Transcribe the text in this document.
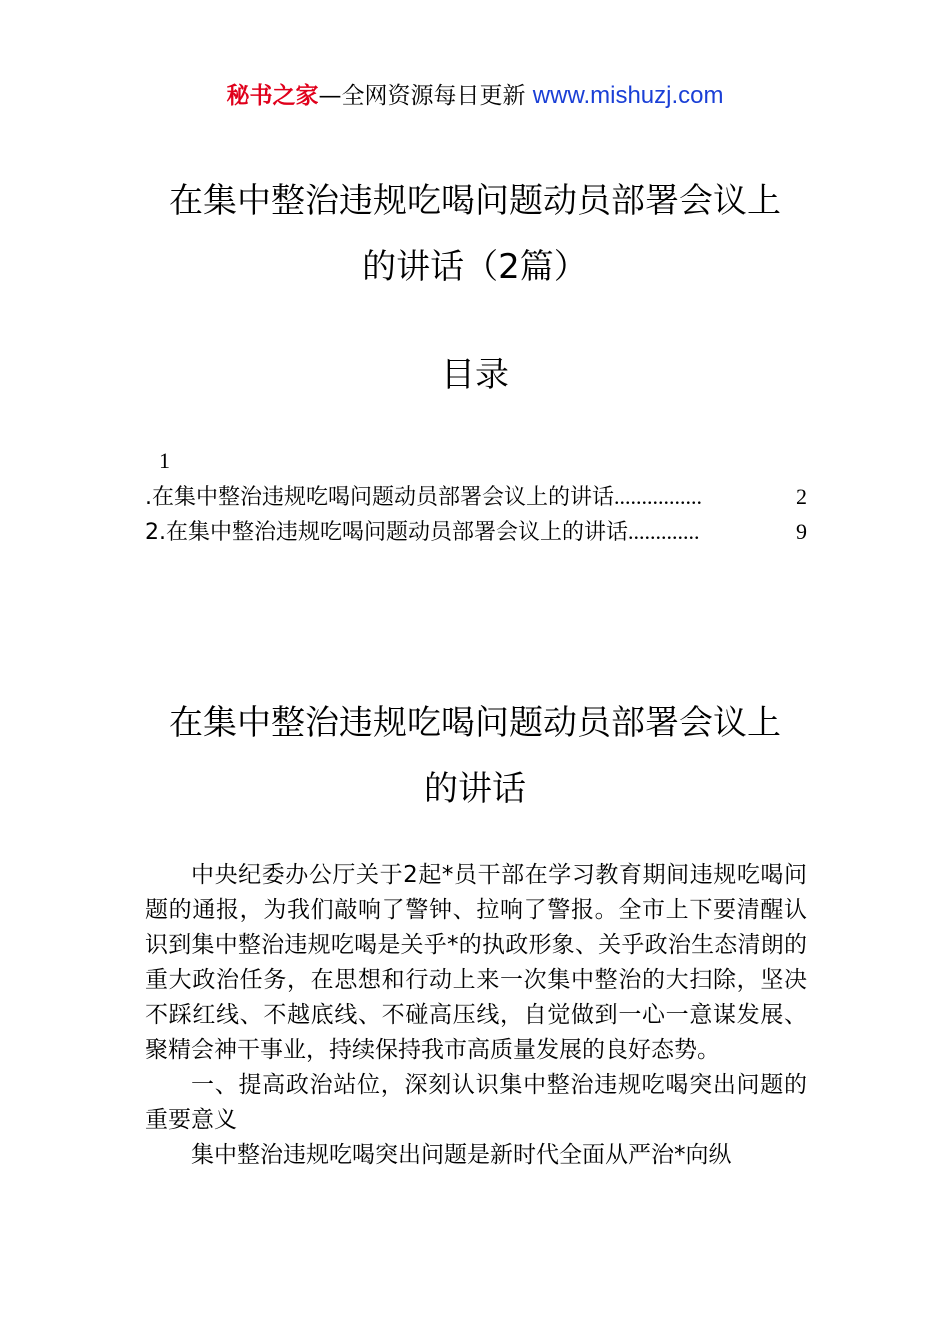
秘书之家—全网资源每日更新 www.mishuzj.com
在集中整治违规吃喝问题动员部署会议上
的讲话（2篇）
目录
1
.在集中整治违规吃喝问题动员部署会议上的讲话................	2
2.在集中整治违规吃喝问题动员部署会议上的讲话.............	9
在集中整治违规吃喝问题动员部署会议上
的讲话

中央纪委办公厅关于2起*员干部在学习教育期间违规吃喝问题的通报，为我们敲响了警钟、拉响了警报。全市上下要清醒认识到集中整治违规吃喝是关乎*的执政形象、关乎政治生态清朗的重大政治任务，在思想和行动上来一次集中整治的大扫除，坚决不踩红线、不越底线、不碰高压线，自觉做到一心一意谋发展、聚精会神干事业，持续保持我市高质量发展的良好态势。

一、提高政治站位，深刻认识集中整治违规吃喝突出问题的重要意义

集中整治违规吃喝突出问题是新时代全面从严治*向纵
